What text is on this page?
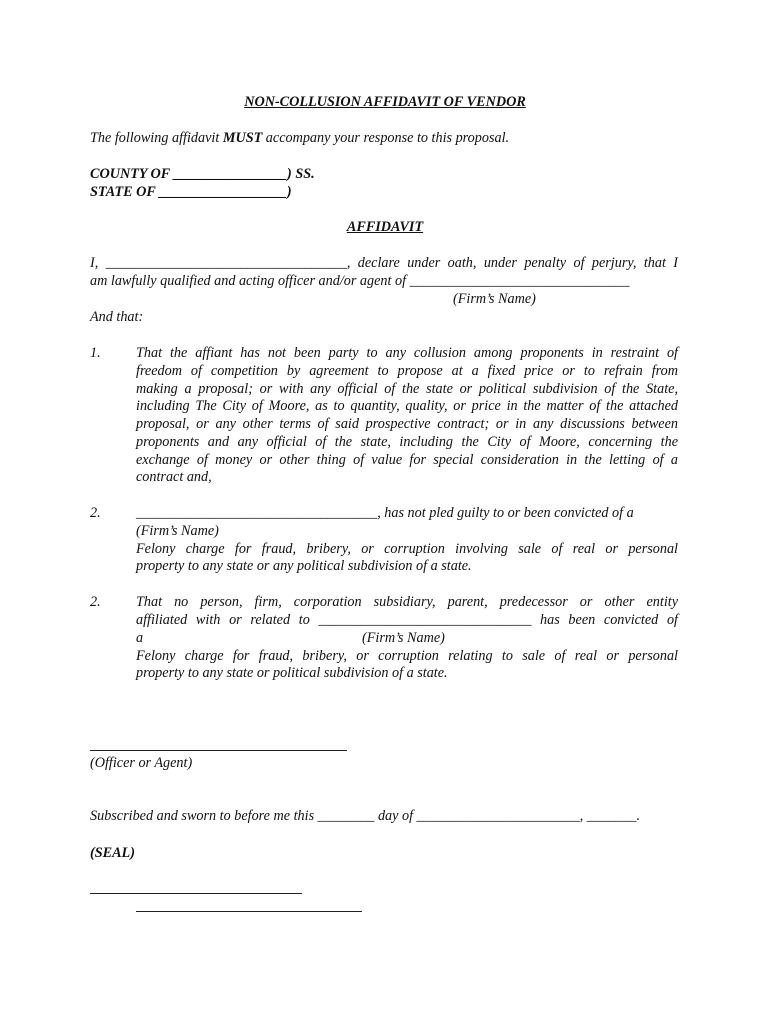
NON-COLLUSION AFFIDAVIT OF VENDOR
The following affidavit MUST accompany your response to this proposal.
COUNTY OF ________________) SS.
STATE OF __________________)
AFFIDAVIT
I, __________________________________, declare under oath, under penalty of perjury, that I
am lawfully qualified and acting officer and/or agent of _______________________________
(Firm’s Name)
And that:
1. That the affiant has not been party to any collusion among proponents in restraint of
freedom of competition by agreement to propose at a fixed price or to refrain from
making a proposal; or with any official of the state or political subdivision of the State,
including The City of Moore, as to quantity, quality, or price in the matter of the attached
proposal, or any other terms of said prospective contract; or in any discussions between
proponents and any official of the state, including the City of Moore, concerning the
exchange of money or other thing of value for special consideration in the letting of a
contract and,
2. __________________________________, has not pled guilty to or been convicted of a
(Firm’s Name)
Felony charge for fraud, bribery, or corruption involving sale of real or personal
property to any state or any political subdivision of a state.
2. That no person, firm, corporation subsidiary, parent, predecessor or other entity
affiliated with or related to ______________________________ has been convicted of
a	(Firm’s Name)
Felony charge for fraud, bribery, or corruption relating to sale of real or personal
property to any state or political subdivision of a state.
(Officer or Agent)
Subscribed and sworn to before me this ________ day of _______________________, _______.
(SEAL)
